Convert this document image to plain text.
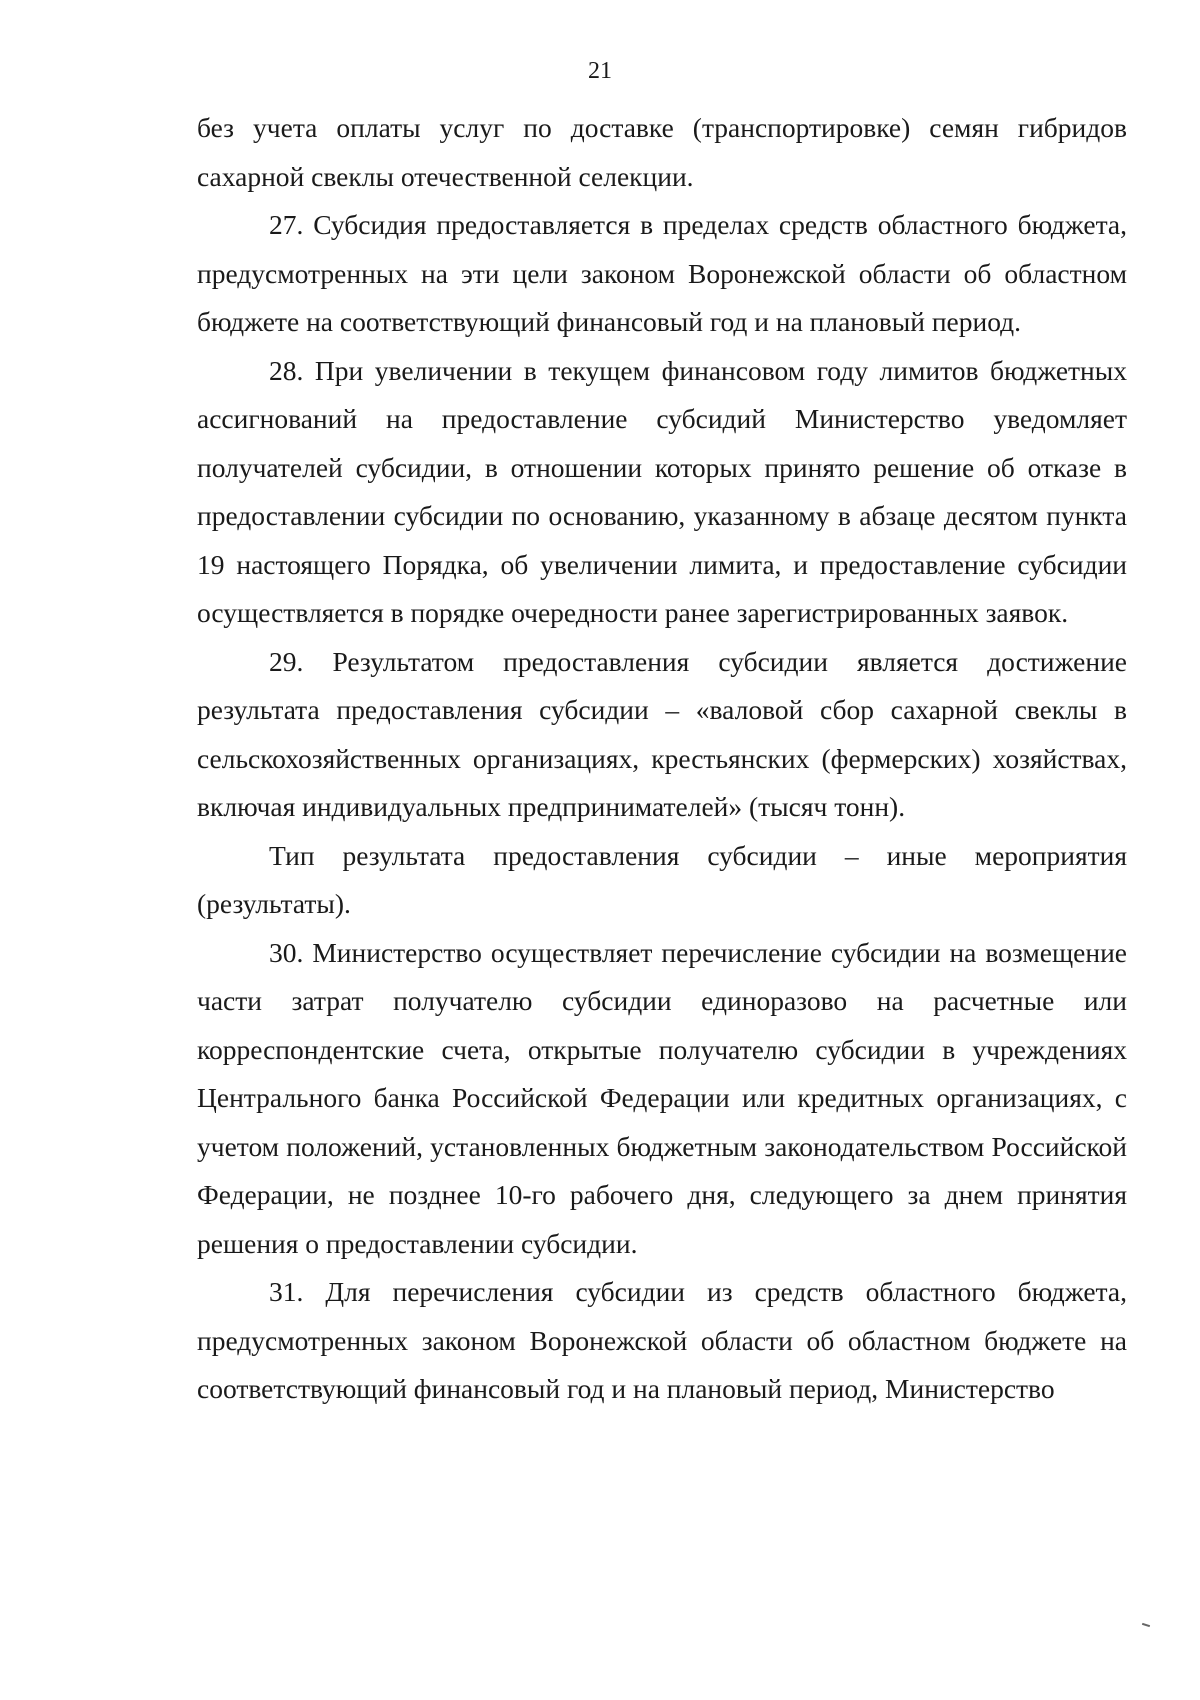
21

без учета оплаты услуг по доставке (транспортировке) семян гибридов сахарной свеклы отечественной селекции.

27. Субсидия предоставляется в пределах средств областного бюджета, предусмотренных на эти цели законом Воронежской области об областном бюджете на соответствующий финансовый год и на плановый период.

28. При увеличении в текущем финансовом году лимитов бюджетных ассигнований на предоставление субсидий Министерство уведомляет получателей субсидии, в отношении которых принято решение об отказе в предоставлении субсидии по основанию, указанному в абзаце десятом пункта 19 настоящего Порядка, об увеличении лимита, и предоставление субсидии осуществляется в порядке очередности ранее зарегистрированных заявок.

29. Результатом предоставления субсидии является достижение результата предоставления субсидии – «валовой сбор сахарной свеклы в сельскохозяйственных организациях, крестьянских (фермерских) хозяйствах, включая индивидуальных предпринимателей» (тысяч тонн).

Тип результата предоставления субсидии – иные мероприятия (результаты).

30. Министерство осуществляет перечисление субсидии на возмещение части затрат получателю субсидии единоразово на расчетные или корреспондентские счета, открытые получателю субсидии в учреждениях Центрального банка Российской Федерации или кредитных организациях, с учетом положений, установленных бюджетным законодательством Российской Федерации, не позднее 10-го рабочего дня, следующего за днем принятия решения о предоставлении субсидии.

31. Для перечисления субсидии из средств областного бюджета, предусмотренных законом Воронежской области об областном бюджете на соответствующий финансовый год и на плановый период, Министерство
